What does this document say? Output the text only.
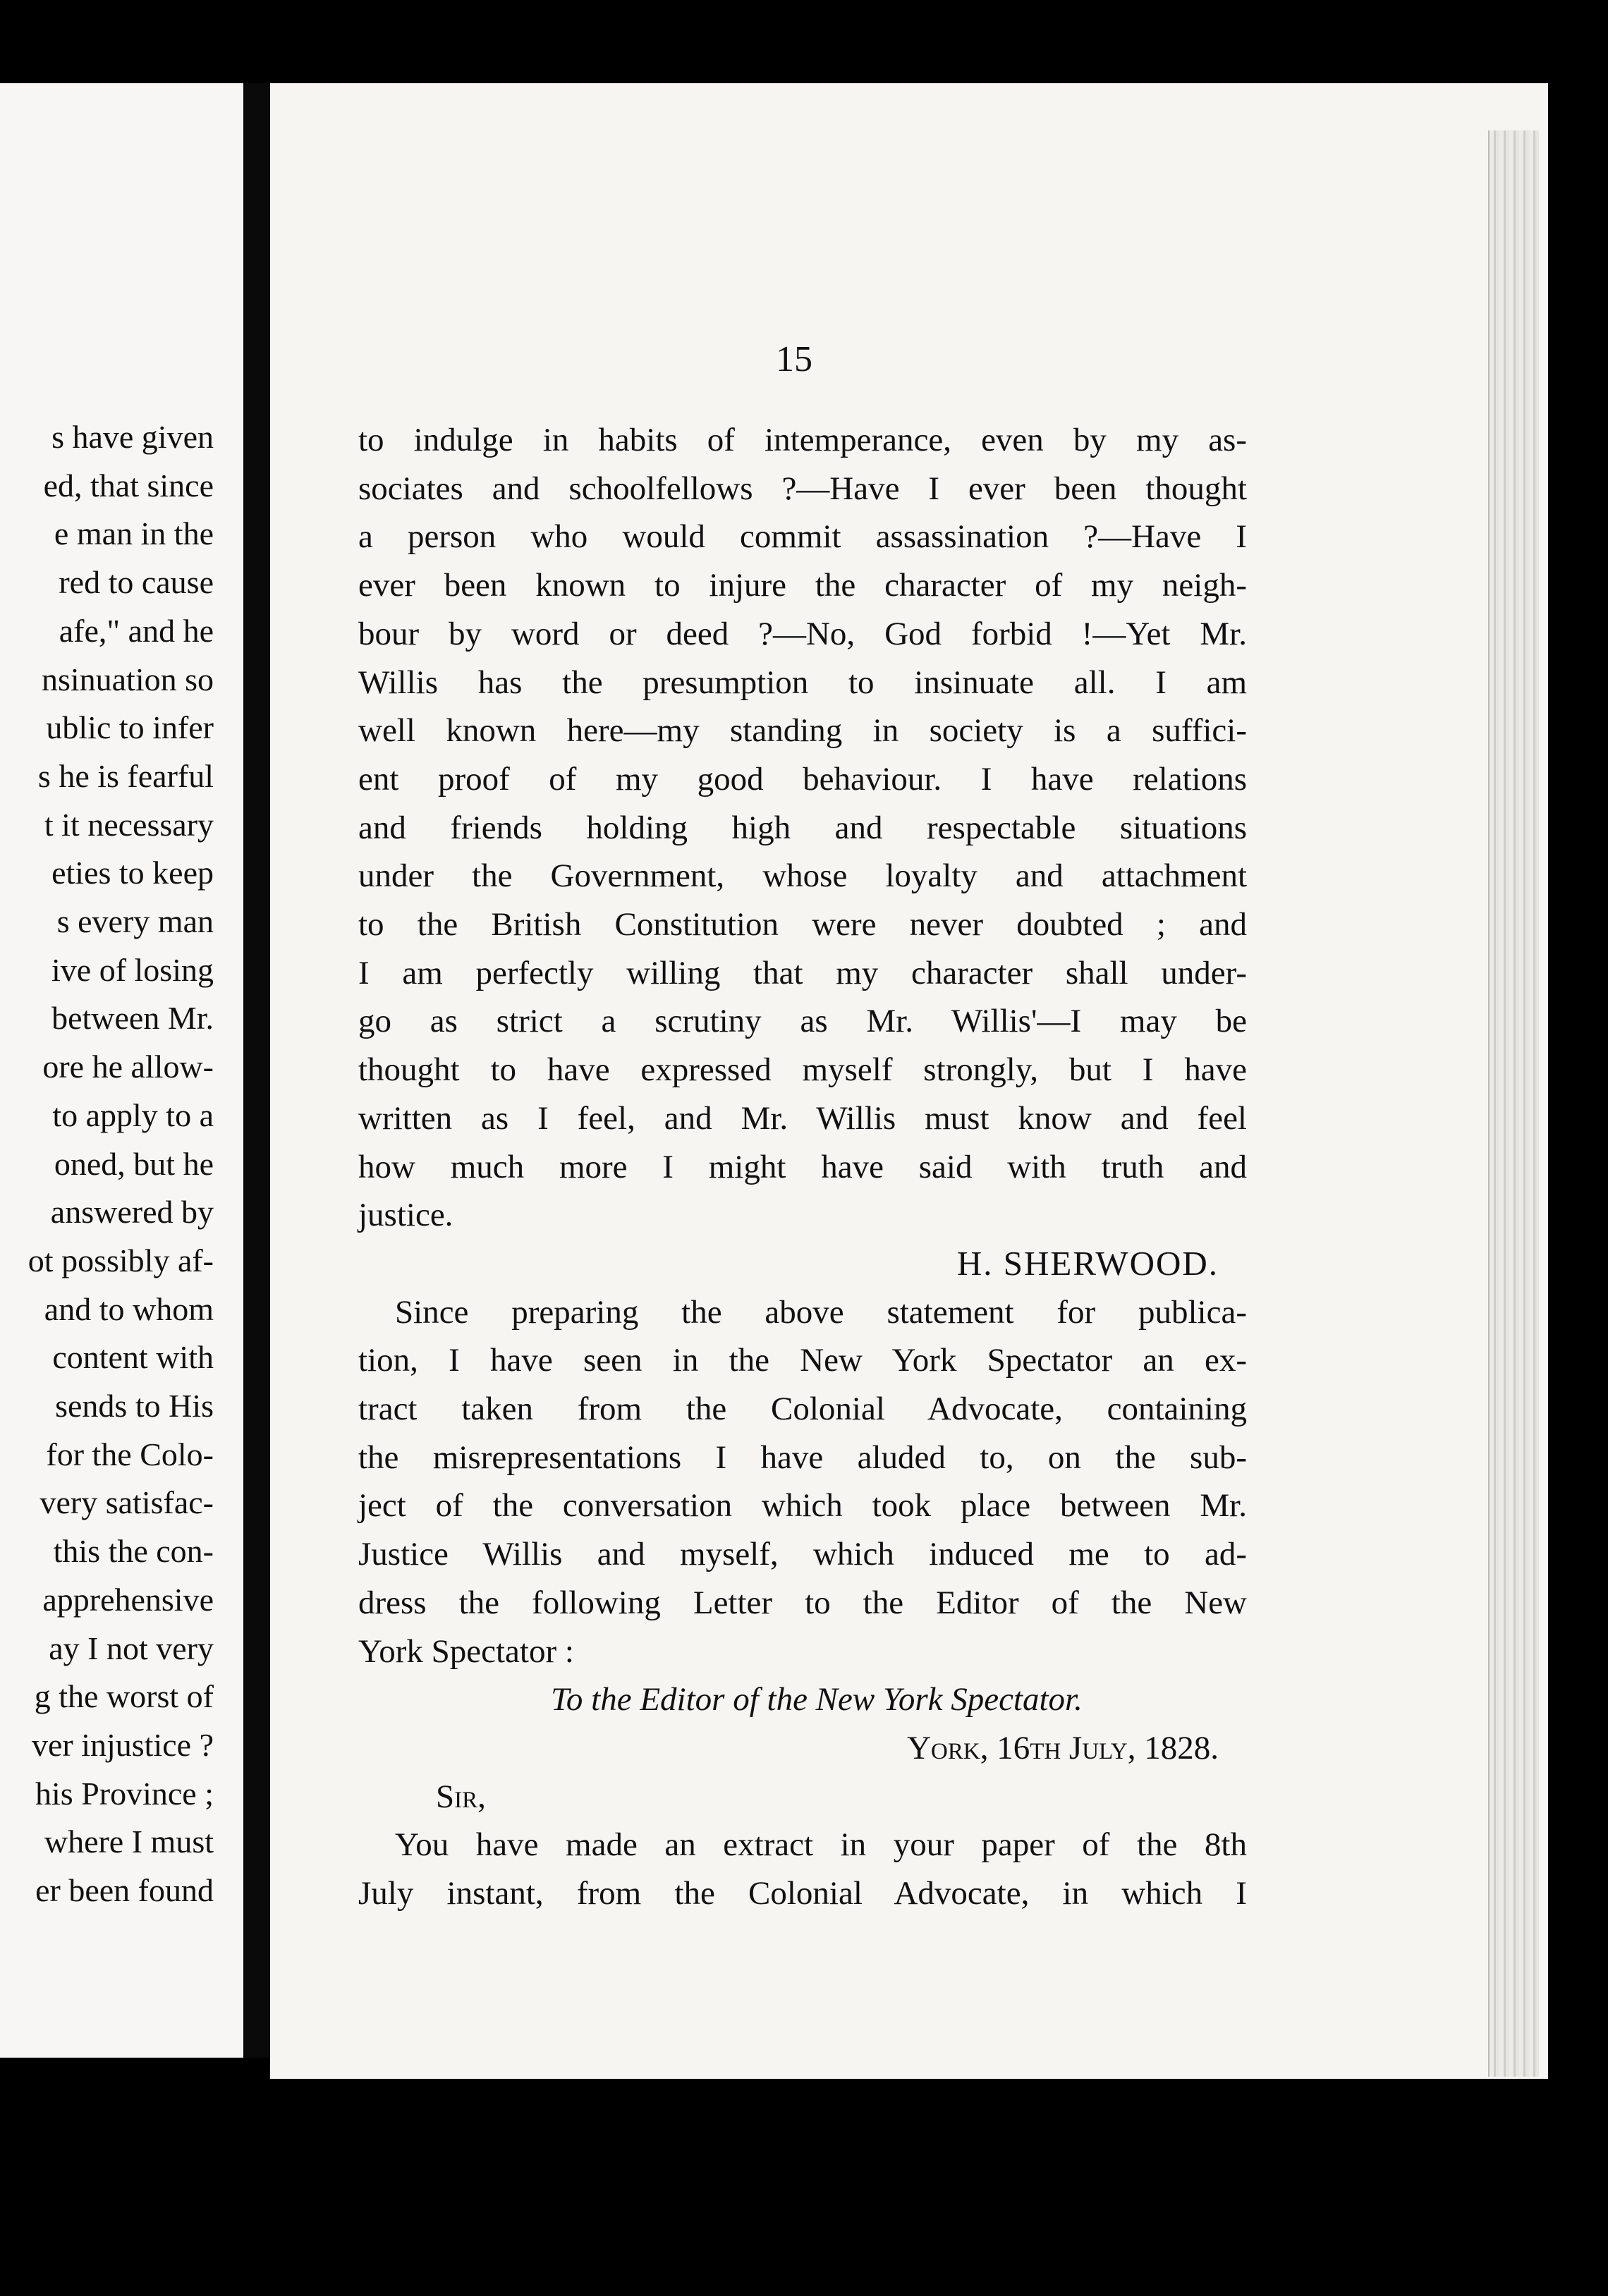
s have given
ed, that since
e man in the
red to cause
afe," and he
nsinuation so
ublic to infer
s he is fearful
t it necessary
eties to keep
s every man
ive of losing
between Mr.
ore he allow-
to apply to a
oned, but he
answered by
ot possibly af-
and to whom
content with
sends to His
for the Colo-
very satisfac-
this the con-
apprehensive
ay I not very
g the worst of
ver injustice ?
his Province ;
where I must
er been found
15
to indulge in habits of intemperance, even by my as-
sociates and schoolfellows ?—Have I ever been thought
a person who would commit assassination ?—Have I
ever been known to injure the character of my neigh-
bour by word or deed ?—No, God forbid !—Yet Mr.
Willis has the presumption to insinuate all. I am
well known here—my standing in society is a suffici-
ent proof of my good behaviour. I have relations
and friends holding high and respectable situations
under the Government, whose loyalty and attachment
to the British Constitution were never doubted ; and
I am perfectly willing that my character shall under-
go as strict a scrutiny as Mr. Willis'—I may be
thought to have expressed myself strongly, but I have
written as I feel, and Mr. Willis must know and feel
how much more I might have said with truth and
justice.
H. SHERWOOD.
Since preparing the above statement for publica-
tion, I have seen in the New York Spectator an ex-
tract taken from the Colonial Advocate, containing
the misrepresentations I have aluded to, on the sub-
ject of the conversation which took place between Mr.
Justice Willis and myself, which induced me to ad-
dress the following Letter to the Editor of the New
York Spectator :
To the Editor of the New York Spectator.
York, 16th July, 1828.
Sir,
You have made an extract in your paper of the 8th
July instant, from the Colonial Advocate, in which I
